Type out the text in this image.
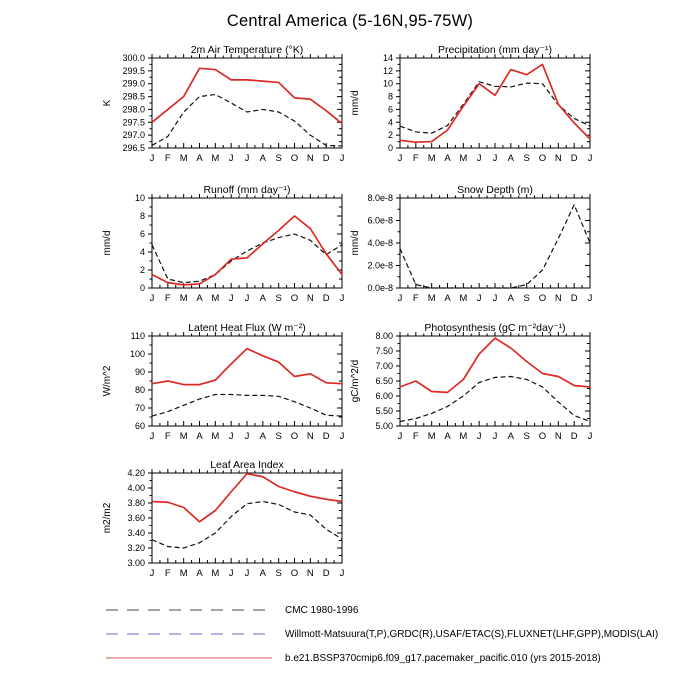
Central America (5-16N,95-75W)
2m Air Temperature (°K)
K
296.5
297.0
297.5
298.0
298.5
299.0
299.5
300.0
J F M A M J J A S O N D J
Precipitation (mm day⁻¹)
mm/d
0
2
4
6
8
10
12
14
J F M A M J J A S O N D J
Runoff (mm day⁻¹)
mm/d
0
2
4
6
8
10
J F M A M J J A S O N D J
Snow Depth (m)
mm/d
0.0e-8
2.0e-8
4.0e-8
6.0e-8
8.0e-8
J F M A M J J A S O N D J
Latent Heat Flux (W m⁻²)
W/m^2
60
70
80
90
100
110
J F M A M J J A S O N D J
Photosynthesis (gC m⁻²day⁻¹)
gC/m^2/d
5.00
5.50
6.00
6.50
7.00
7.50
8.00
J F M A M J J A S O N D J
Leaf Area Index
m2/m2
3.00
3.20
3.40
3.60
3.80
4.00
4.20
J F M A M J J A S O N D J
CMC 1980-1996
Willmott-Matsuura(T,P),GRDC(R),USAF/ETAC(S),FLUXNET(LHF,GPP),MODIS(LAI)
b.e21.BSSP370cmip6.f09_g17.pacemaker_pacific.010 (yrs 2015-2018)
